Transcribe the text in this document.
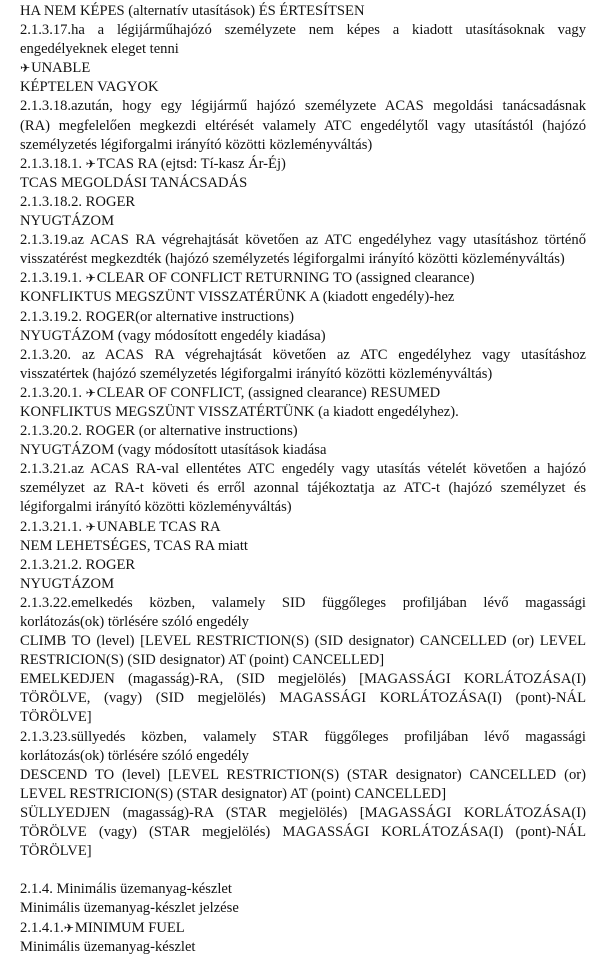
HA NEM KÉPES (alternatív utasítások) ÉS ÉRTESÍTSEN
2.1.3.17.ha a légijárműhajózó személyzete nem képes a kiadott utasításoknak vagy
engedélyeknek eleget tenni
✈UNABLE
KÉPTELEN VAGYOK
2.1.3.18.azután, hogy egy légijármű hajózó személyzete ACAS megoldási tanácsadásnak
(RA) megfelelően megkezdi eltérését valamely ATC engedélytől vagy utasítástól (hajózó
személyzetés légiforgalmi irányító közötti közleményváltás)
2.1.3.18.1. ✈TCAS RA (ejtsd: Tí-kasz Ár-Éj)
TCAS MEGOLDÁSI TANÁCSADÁS
2.1.3.18.2. ROGER
NYUGTÁZOM
2.1.3.19.az ACAS RA végrehajtását követően az ATC engedélyhez vagy utasításhoz történő
visszatérést megkezdték (hajózó személyzetés légiforgalmi irányító közötti közleményváltás)
2.1.3.19.1. ✈CLEAR OF CONFLICT RETURNING TO (assigned clearance)
KONFLIKTUS MEGSZÜNT VISSZATÉRÜNK A (kiadott engedély)-hez
2.1.3.19.2. ROGER(or alternative instructions)
NYUGTÁZOM (vagy módosított engedély kiadása)
2.1.3.20. az ACAS RA végrehajtását követően az ATC engedélyhez vagy utasításhoz
visszatértek (hajózó személyzetés légiforgalmi irányító közötti közleményváltás)
2.1.3.20.1. ✈CLEAR OF CONFLICT, (assigned clearance) RESUMED
KONFLIKTUS MEGSZÜNT VISSZATÉRTÜNK (a kiadott engedélyhez).
2.1.3.20.2. ROGER (or alternative instructions)
NYUGTÁZOM (vagy módosított utasítások kiadása
2.1.3.21.az ACAS RA-val ellentétes ATC engedély vagy utasítás vételét követően a hajózó
személyzet az RA-t követi és erről azonnal tájékoztatja az ATC-t (hajózó személyzet és
légiforgalmi irányító közötti közleményváltás)
2.1.3.21.1. ✈UNABLE TCAS RA
NEM LEHETSÉGES, TCAS RA miatt
2.1.3.21.2. ROGER
NYUGTÁZOM
2.1.3.22.emelkedés közben, valamely SID függőleges profiljában lévő magassági
korlátozás(ok) törlésére szóló engedély
CLIMB TO (level) [LEVEL RESTRICTION(S) (SID designator) CANCELLED (or) LEVEL
RESTRICION(S) (SID designator) AT (point) CANCELLED]
EMELKEDJEN (magasság)-RA, (SID megjelölés) [MAGASSÁGI KORLÁTOZÁSA(I)
TÖRÖLVE, (vagy) (SID megjelölés) MAGASSÁGI KORLÁTOZÁSA(I) (pont)-NÁL
TÖRÖLVE]
2.1.3.23.süllyedés közben, valamely STAR függőleges profiljában lévő magassági
korlátozás(ok) törlésére szóló engedély
DESCEND TO (level) [LEVEL RESTRICTION(S) (STAR designator) CANCELLED (or)
LEVEL RESTRICION(S) (STAR designator) AT (point) CANCELLED]
SÜLLYEDJEN (magasság)-RA (STAR megjelölés) [MAGASSÁGI KORLÁTOZÁSA(I)
TÖRÖLVE (vagy) (STAR megjelölés) MAGASSÁGI KORLÁTOZÁSA(I) (pont)-NÁL
TÖRÖLVE]
2.1.4. Minimális üzemanyag-készlet
Minimális üzemanyag-készlet jelzése
2.1.4.1.✈MINIMUM FUEL
Minimális üzemanyag-készlet
